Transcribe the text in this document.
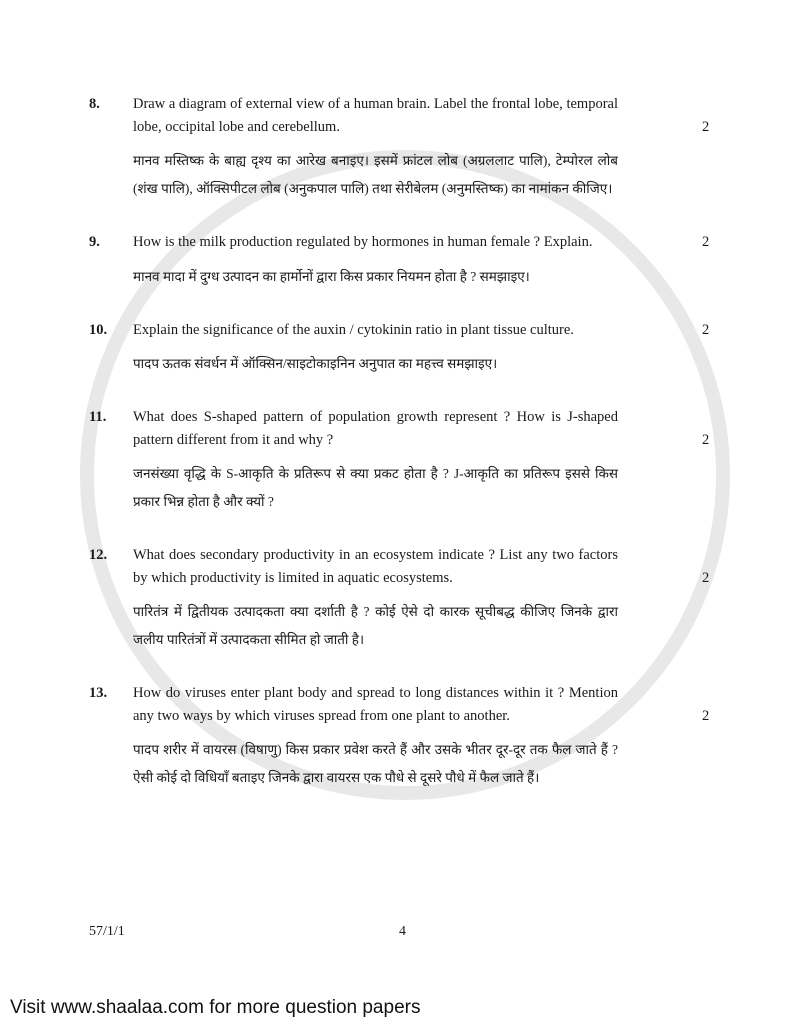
8.	Draw a diagram of external view of a human brain. Label the frontal lobe, temporal lobe, occipital lobe and cerebellum.	2

मानव मस्तिष्क के बाह्य दृश्य का आरेख बनाइए। इसमें फ्रांटल लोब (अग्रललाट पालि), टेम्पोरल लोब (शंख पालि), ऑक्सिपीटल लोब (अनुकपाल पालि) तथा सेरीबेलम (अनुमस्तिष्क) का नामांकन कीजिए।

9.	How is the milk production regulated by hormones in human female ? Explain.	2

मानव मादा में दुग्ध उत्पादन का हार्मोनों द्वारा किस प्रकार नियमन होता है ? समझाइए।

10.	Explain the significance of the auxin / cytokinin ratio in plant tissue culture.	2

पादप ऊतक संवर्धन में ऑक्सिन/साइटोकाइनिन अनुपात का महत्त्व समझाइए।

11.	What does S-shaped pattern of population growth represent ? How is J-shaped pattern different from it and why ?	2

जनसंख्या वृद्धि के S-आकृति के प्रतिरूप से क्या प्रकट होता है ? J-आकृति का प्रतिरूप इससे किस प्रकार भिन्न होता है और क्यों ?

12.	What does secondary productivity in an ecosystem indicate ? List any two factors by which productivity is limited in aquatic ecosystems.	2

पारितंत्र में द्वितीयक उत्पादकता क्या दर्शाती है ? कोई ऐसे दो कारक सूचीबद्ध कीजिए जिनके द्वारा जलीय पारितंत्रों में उत्पादकता सीमित हो जाती है।

13.	How do viruses enter plant body and spread to long distances within it ? Mention any two ways by which viruses spread from one plant to another.	2

पादप शरीर में वायरस (विषाणु) किस प्रकार प्रवेश करते हैं और उसके भीतर दूर-दूर तक फैल जाते हैं ? ऐसी कोई दो विधियाँ बताइए जिनके द्वारा वायरस एक पौधे से दूसरे पौधे में फैल जाते हैं।

57/1/1	4
Visit www.shaalaa.com for more question papers
